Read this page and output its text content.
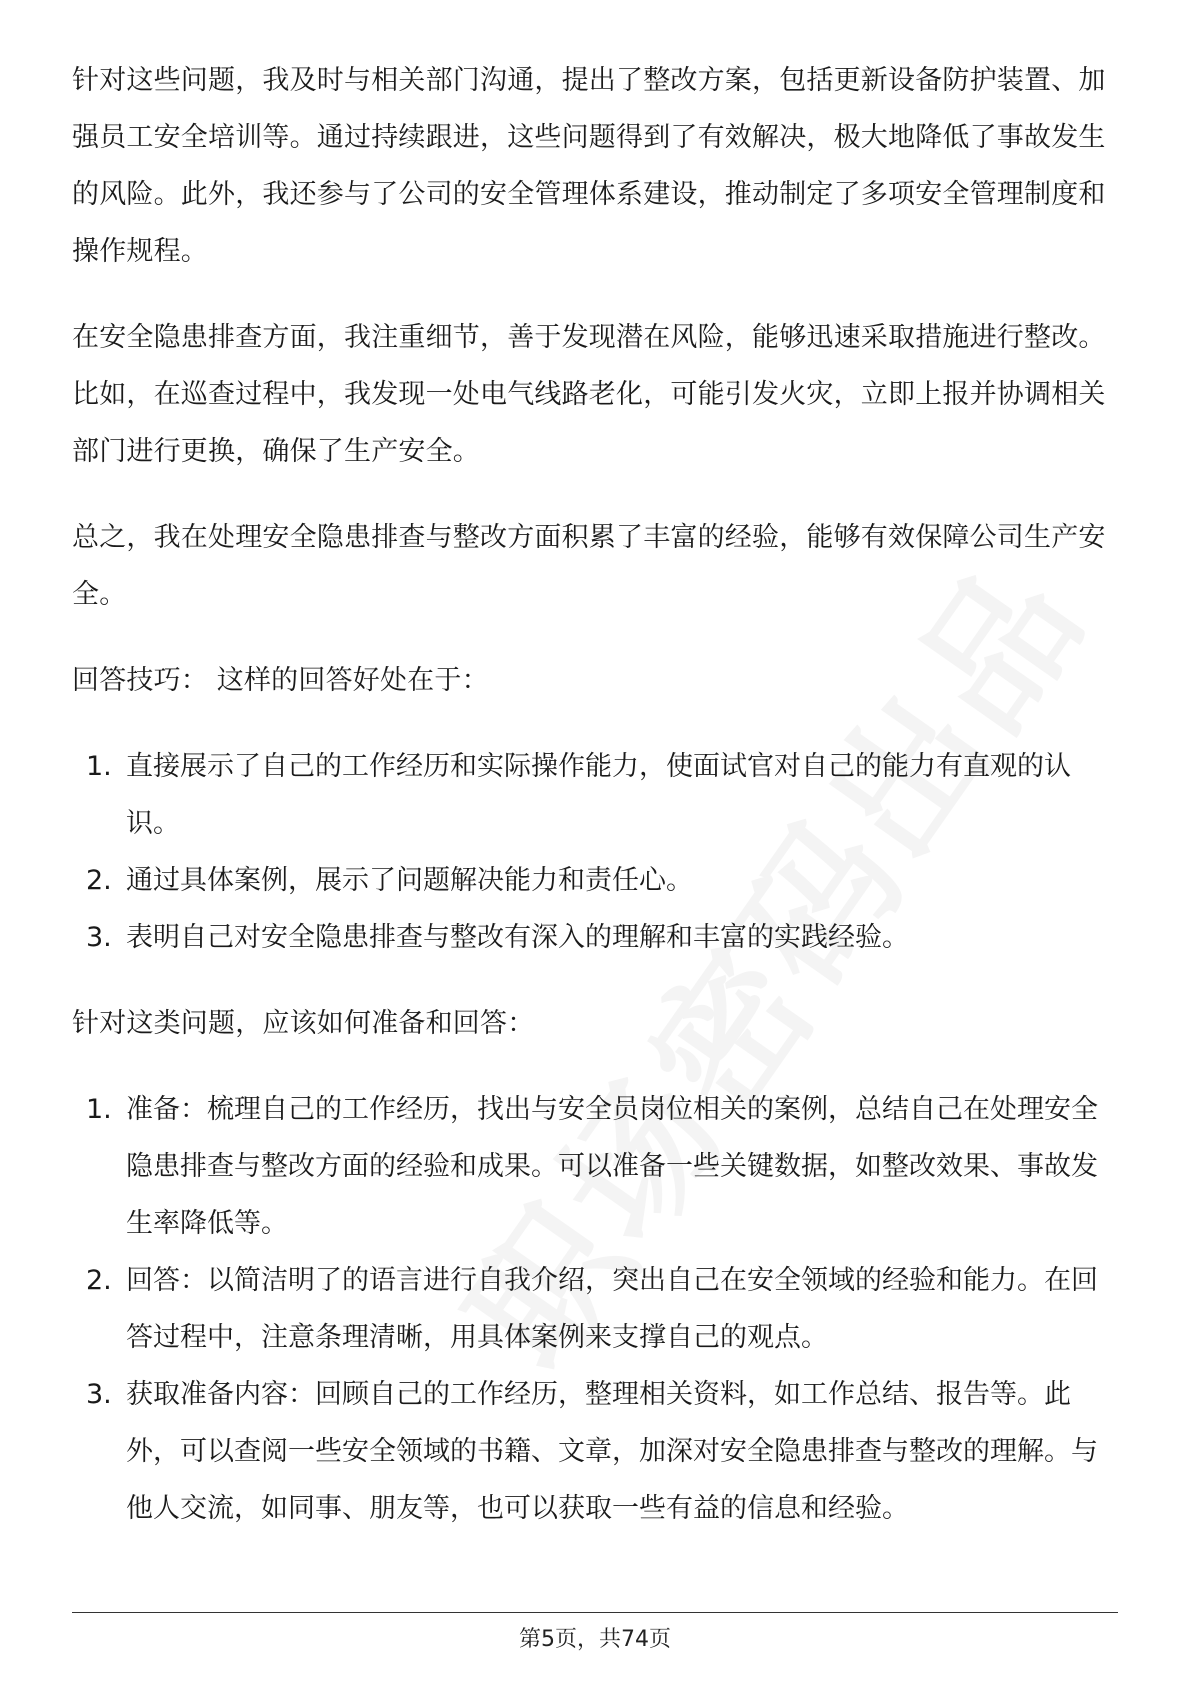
针对这些问题，我及时与相关部门沟通，提出了整改方案，包括更新设备防护装置、加强员工安全培训等。通过持续跟进，这些问题得到了有效解决，极大地降低了事故发生的风险。此外，我还参与了公司的安全管理体系建设，推动制定了多项安全管理制度和操作规程。

在安全隐患排查方面，我注重细节，善于发现潜在风险，能够迅速采取措施进行整改。比如，在巡查过程中，我发现一处电气线路老化，可能引发火灾，立即上报并协调相关部门进行更换，确保了生产安全。

总之，我在处理安全隐患排查与整改方面积累了丰富的经验，能够有效保障公司生产安全。

回答技巧： 这样的回答好处在于：

1. 直接展示了自己的工作经历和实际操作能力，使面试官对自己的能力有直观的认识。
2. 通过具体案例，展示了问题解决能力和责任心。
3. 表明自己对安全隐患排查与整改有深入的理解和丰富的实践经验。

针对这类问题，应该如何准备和回答：

1. 准备：梳理自己的工作经历，找出与安全员岗位相关的案例，总结自己在处理安全隐患排查与整改方面的经验和成果。可以准备一些关键数据，如整改效果、事故发生率降低等。
2. 回答：以简洁明了的语言进行自我介绍，突出自己在安全领域的经验和能力。在回答过程中，注意条理清晰，用具体案例来支撑自己的观点。
3. 获取准备内容：回顾自己的工作经历，整理相关资料，如工作总结、报告等。此外，可以查阅一些安全领域的书籍、文章，加深对安全隐患排查与整改的理解。与他人交流，如同事、朋友等，也可以获取一些有益的信息和经验。
第5页，共74页
